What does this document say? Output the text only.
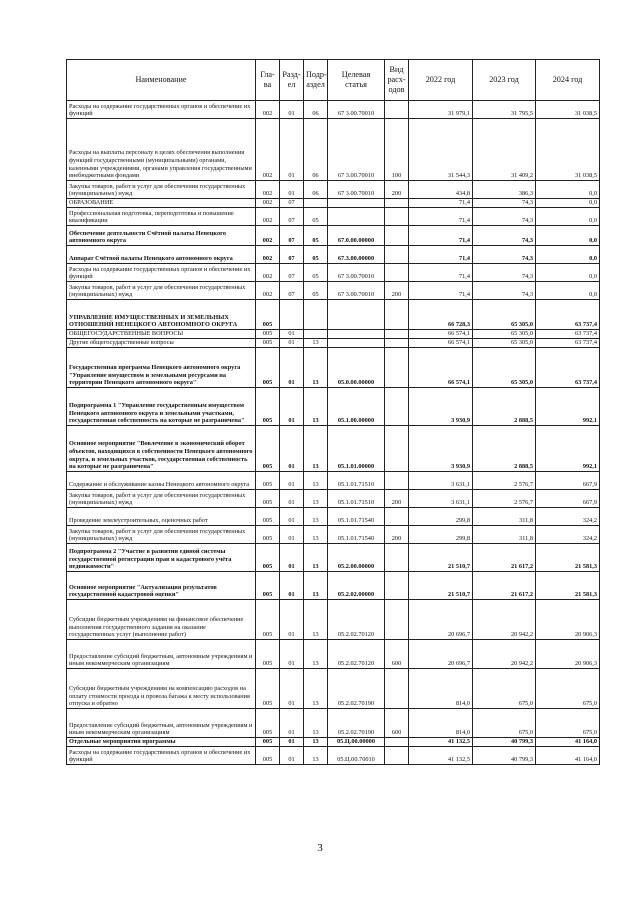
Наименование	Глава	Раздел	Подраздел	Целевая статья	Вид расходов	2022 год	2023 год	2024 год
Расходы на содержание государственных органов и обеспечение их функций	002	01	06	67 3.00.70010		31 979,1	31 795,5	31 038,5
Расходы на выплаты персоналу в целях обеспечения выполнения функций государственными (муниципальными) органами, казенными учреждениями, органами управления государственными внебюджетными фондами	002	01	06	67 3.00.70010	100	31 544,3	31 409,2	31 038,5
Закупка товаров, работ и услуг для обеспечения государственных (муниципальных) нужд	002	01	06	67 3.00.70010	200	434,8	386,3	0,0
ОБРАЗОВАНИЕ	002	07				71,4	74,3	0,0
Профессиональная подготовка, переподготовка и повышение квалификации	002	07	05			71,4	74,3	0,0
Обеспечение деятельности Счётной палаты Ненецкого автономного округа	002	07	05	67.0.00.00000		71,4	74,3	0,0
Аппарат Счётной палаты Ненецкого автономного округа	002	07	05	67.3.00.00000		71,4	74,3	0,0
Расходы на содержание государственных органов и обеспечение их функций	002	07	05	67 3.00.70010		71,4	74,3	0,0
Закупка товаров, работ и услуг для обеспечения государственных (муниципальных) нужд	002	07	05	67 3.00.70010	200	71,4	74,3	0,0
УПРАВЛЕНИЕ ИМУЩЕСТВЕННЫХ И ЗЕМЕЛЬНЫХ ОТНОШЕНИЙ НЕНЕЦКОГО АВТОНОМНОГО ОКРУГА	005					66 728,3	65 305,0	63 737,4
ОБЩЕГОСУДАРСТВЕННЫЕ ВОПРОСЫ	005	01				66 574,1	65 305,0	63 737,4
Другие общегосударственные вопросы	005	01	13			66 574,1	65 305,0	63 737,4
Государственная программа Ненецкого автономного округа "Управление имуществом и земельными ресурсами на территории Ненецкого автономного округа"	005	01	13	05.0.00.00000		66 574,1	65 305,0	63 737,4
Подпрограмма 1 "Управление государственным имуществом Ненецкого автономного округа и земельными участками, государственная собственность на которые не разграничена"	005	01	13	05.1.00.00000		3 930,9	2 888,5	992,1
Основное мероприятие "Вовлечение в экономический оборот объектов, находящихся в собственности Ненецкого автономного округа, и земельных участков, государственная собственность на которые не разграничена"	005	01	13	05.1.01.00000		3 930,9	2 888,5	992,1
Содержание и обслуживание казны Ненецкого автономного округа	005	01	13	05.1.01.71510		3 631,1	2 576,7	667,9
Закупка товаров, работ и услуг для обеспечения государственных (муниципальных) нужд	005	01	13	05.1.01.71510	200	3 631,1	2 576,7	667,9
Проведение землеустроительных, оценочных работ	005	01	13	05.1.01.71540		299,8	311,8	324,2
Закупка товаров, работ и услуг для обеспечения государственных (муниципальных) нужд	005	01	13	05.1.01.71540	200	299,8	311,8	324,2
Подпрограмма 2 "Участие в развитии единой системы государственной регистрации прав и кадастрового учёта недвижимости"	005	01	13	05.2.00.00000		21 510,7	21 617,2	21 581,3
Основное мероприятие "Актуализация результатов государственной кадастровой оценки"	005	01	13	05.2.02.00000		21 510,7	21 617,2	21 581,3
Субсидии бюджетным учреждениям на финансовое обеспечение выполнения государственного задания на оказание государственных услуг (выполнение работ)	005	01	13	05.2.02.70120		20 696,7	20 942,2	20 906,3
Предоставление субсидий бюджетным, автономным учреждениям и иным некоммерческим организациям	005	01	13	05.2.02.70120	600	20 696,7	20 942,2	20 906,3
Субсидии бюджетным учреждениям на компенсацию расходов на оплату стоимости проезда и провоза багажа к месту использования отпуска и обратно	005	01	13	05.2.02.70190		814,0	675,0	675,0
Предоставление субсидий бюджетным, автономным учреждениям и иным некоммерческим организациям	005	01	13	05.2.02.70190	600	814,0	675,0	675,0
Отдельные мероприятия программы	005	01	13	05.Ц.00.00000		41 132,5	40 799,3	41 164,0
Расходы на содержание государственных органов и обеспечение их функций	005	01	13	05.Ц.00.70010		41 132,5	40 799,3	41 164,0
3
